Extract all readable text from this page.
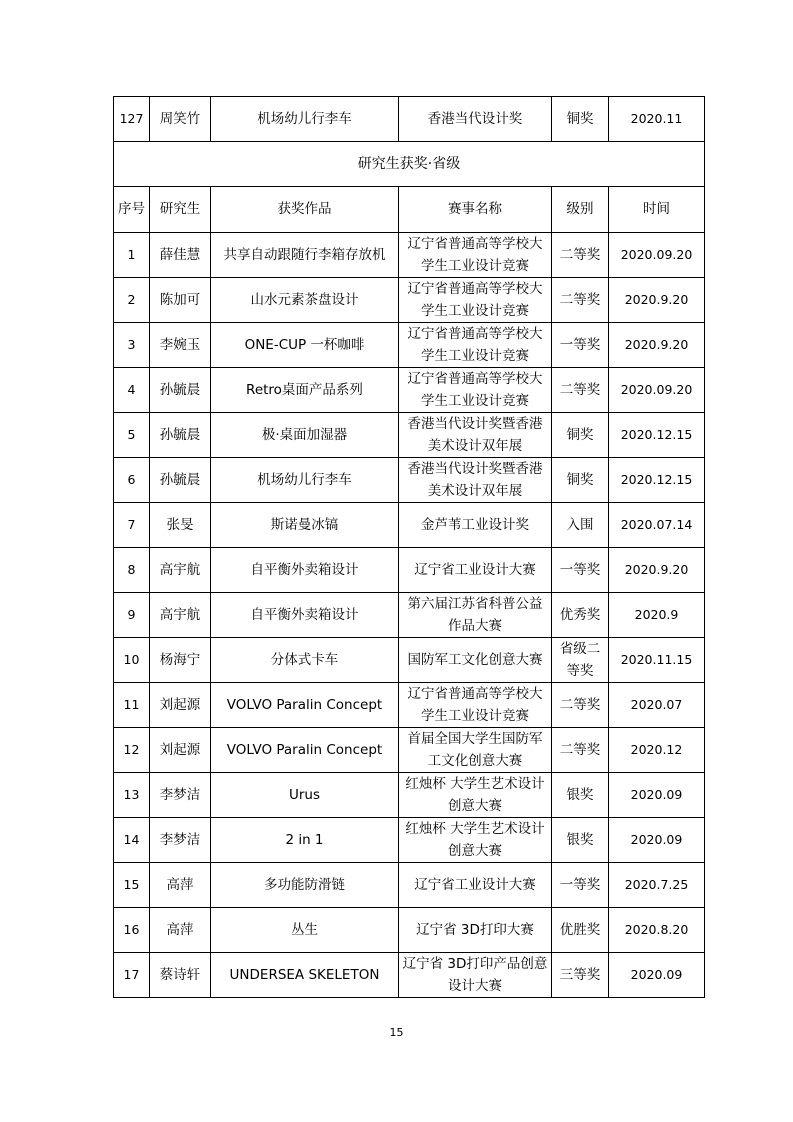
127	周笑竹	机场幼儿行李车	香港当代设计奖	铜奖	2020.11
研究生获奖·省级					
序号	研究生	获奖作品	赛事名称	级别	时间
1	薛佳慧	共享自动跟随行李箱存放机	辽宁省普通高等学校大学生工业设计竞赛	二等奖	2020.09.20
2	陈加可	山水元素茶盘设计	辽宁省普通高等学校大学生工业设计竞赛	二等奖	2020.9.20
3	李婉玉	ONE-CUP 一杯咖啡	辽宁省普通高等学校大学生工业设计竞赛	一等奖	2020.9.20
4	孙毓晨	Retro桌面产品系列	辽宁省普通高等学校大学生工业设计竞赛	二等奖	2020.09.20
5	孙毓晨	极·桌面加湿器	香港当代设计奖暨香港美术设计双年展	铜奖	2020.12.15
6	孙毓晨	机场幼儿行李车	香港当代设计奖暨香港美术设计双年展	铜奖	2020.12.15
7	张旻	斯诺曼冰镐	金芦苇工业设计奖	入围	2020.07.14
8	高宇航	自平衡外卖箱设计	辽宁省工业设计大赛	一等奖	2020.9.20
9	高宇航	自平衡外卖箱设计	第六届江苏省科普公益作品大赛	优秀奖	2020.9
10	杨海宁	分体式卡车	国防军工文化创意大赛	省级二等奖	2020.11.15
11	刘起源	VOLVO Paralin Concept	辽宁省普通高等学校大学生工业设计竞赛	二等奖	2020.07
12	刘起源	VOLVO Paralin Concept	首届全国大学生国防军工文化创意大赛	二等奖	2020.12
13	李梦洁	Urus	红烛杯 大学生艺术设计创意大赛	银奖	2020.09
14	李梦洁	2 in 1	红烛杯 大学生艺术设计创意大赛	银奖	2020.09
15	高萍	多功能防滑链	辽宁省工业设计大赛	一等奖	2020.7.25
16	高萍	丛生	辽宁省 3D打印大赛	优胜奖	2020.8.20
17	蔡诗轩	UNDERSEA SKELETON	辽宁省 3D打印产品创意设计大赛	三等奖	2020.09
15
